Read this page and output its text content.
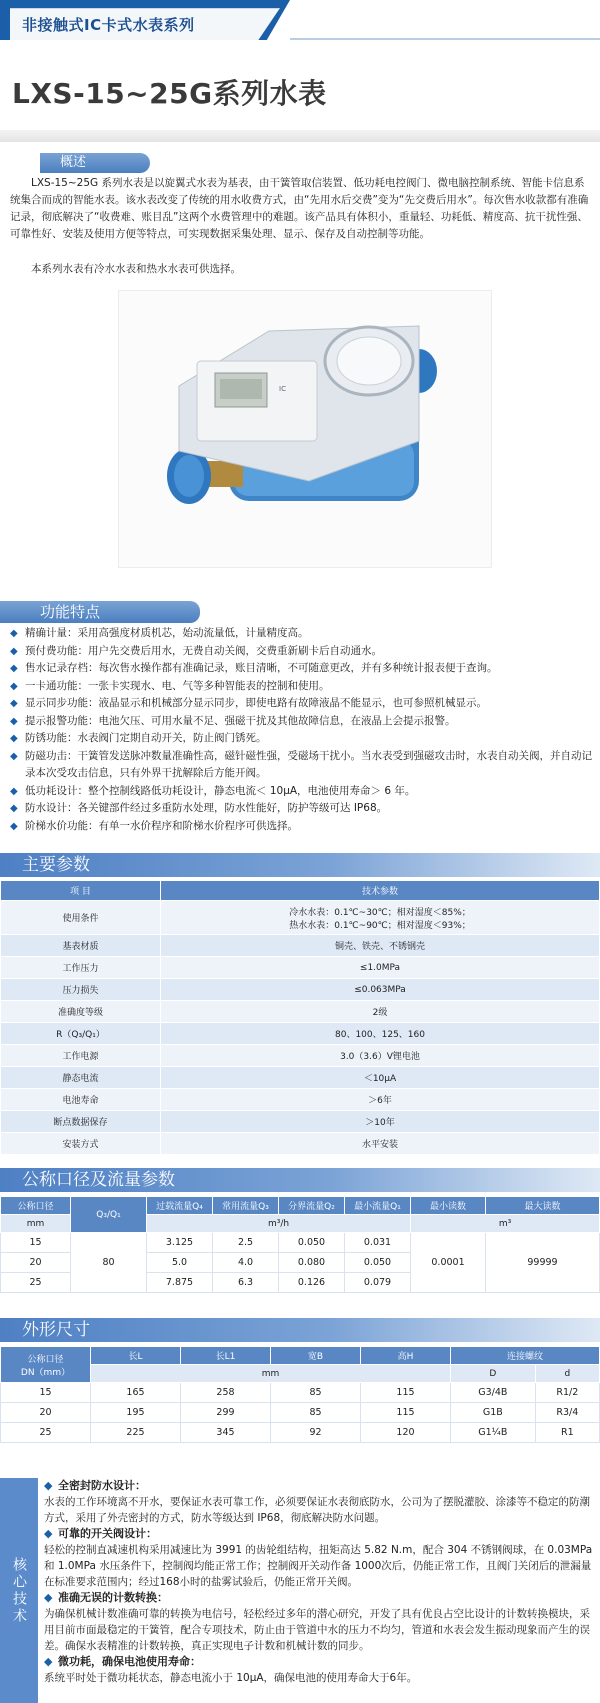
非接触式IC卡式水表系列
LXS-15~25G系列水表
概述
LXS-15~25G 系列水表是以旋翼式水表为基表，由干簧管取信装置、低功耗电控阀门、微电脑控制系统、智能卡信息系统集合而成的智能水表。该水表改变了传统的用水收费方式，由“先用水后交费”变为“先交费后用水”。每次售水收款都有准确记录，彻底解决了“收费难、账目乱”这两个水费管理中的难题。该产品具有体积小，重量轻、功耗低、精度高、抗干扰性强、可靠性好、安装及使用方便等特点，可实现数据采集处理、显示、保存及自动控制等功能。
本系列水表有冷水水表和热水水表可供选择。
IC
功能特点
◆ 精确计量：采用高强度材质机芯，始动流量低，计量精度高。
◆ 预付费功能：用户先交费后用水，无费自动关阀，交费重新刷卡后自动通水。
◆ 售水记录存档：每次售水操作都有准确记录，账目清晰，不可随意更改，并有多种统计报表便于查询。
◆ 一卡通功能：一张卡实现水、电、气等多种智能表的控制和使用。
◆ 显示同步功能：液晶显示和机械部分显示同步，即使电路有故障液晶不能显示，也可参照机械显示。
◆ 提示报警功能：电池欠压、可用水量不足、强磁干扰及其他故障信息，在液晶上会提示报警。
◆ 防锈功能：水表阀门定期自动开关，防止阀门锈死。
◆ 防磁功击：干簧管发送脉冲数量准确性高，磁针磁性强，受磁场干扰小。当水表受到强磁攻击时，水表自动关阀，并自动记录本次受攻击信息，只有外界干扰解除后方能开阀。
◆ 低功耗设计：整个控制线路低功耗设计，静态电流＜ 10μA，电池使用寿命＞ 6 年。
◆ 防水设计：各关键部件经过多重防水处理，防水性能好，防护等级可达 IP68。
◆ 阶梯水价功能：有单一水价程序和阶梯水价程序可供选择。
主要参数
项 目	技术参数
使用条件	冷水水表：0.1℃~30℃；相对湿度＜85%；
热水水表：0.1℃~90℃；相对湿度＜93%；

基表材质	铜壳、铁壳、不锈钢壳
工作压力	≤1.0MPa
压力损失	≤0.063MPa
准确度等级	2级
R（Q₃/Q₁）	80、100、125、160
工作电源	3.0（3.6）V锂电池
静态电流	＜10μA
电池寿命	＞6年
断点数据保存	＞10年
安装方式	水平安装
公称口径及流量参数
公称口径	Q₃/Q₁	过载流量Q₄	常用流量Q₃	分界流量Q₂	最小流量Q₁	最小读数	最大读数
mm		m³/h				m³	
15	80	3.125	2.5	0.050	0.031	0.0001	99999
20		5.0	4.0	0.080	0.050		
25		7.875	6.3	0.126	0.079		
外形尺寸
公称口径
DN（mm）	长L	长L1	宽B	高H	连接螺纹	
	mm				D	d
15	165	258	85	115	G3/4B	R1/2
20	195	299	85	115	G1B	R3/4
25	225	345	92	120	G1¼B	R1
核心技术
◆ 全密封防水设计：
水表的工作环境离不开水，要保证水表可靠工作，必须要保证水表彻底防水，公司为了摆脱灌胶、涂漆等不稳定的防潮方式，采用了外壳密封的方式，防水等级达到 IP68，彻底解决防水问题。
◆ 可靠的开关阀设计：
轻松的控制直减速机构采用减速比为 3991 的齿轮组结构，扭矩高达 5.82 N.m，配合 304 不锈钢阀球，在 0.03MPa 和 1.0MPa 水压条件下，控制阀均能正常工作；控制阀开关动作备 1000次后，仍能正常工作，且阀门关闭后的泄漏量在标准要求范围内；经过168小时的盐雾试验后，仍能正常开关阀。
◆ 准确无误的计数转换：
为确保机械计数准确可靠的转换为电信号，轻松经过多年的潜心研究，开发了具有优良占空比设计的计数转换模块，采用目前市面最稳定的干簧管，配合专项技术，防止由于管道中水的压力不均匀，管道和水表会发生振动现象而产生的误差。确保水表精准的计数转换，真正实现电子计数和机械计数的同步。
◆ 微功耗，确保电池使用寿命：
系统平时处于微功耗状态，静态电流小于 10μA，确保电池的使用寿命大于6年。
